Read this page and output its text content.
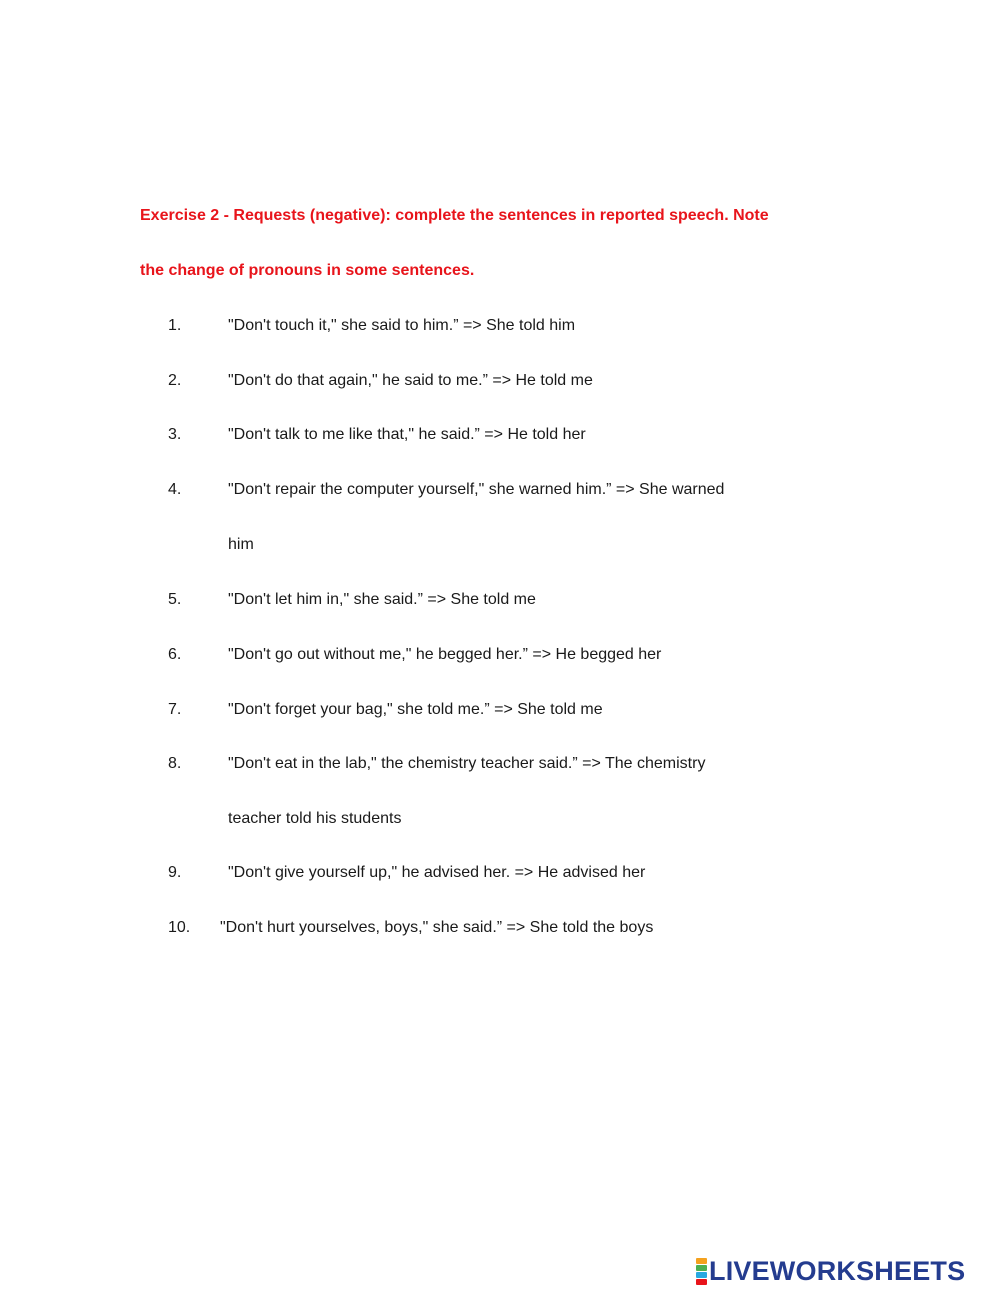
Exercise 2 - Requests (negative): complete the sentences in reported speech. Note
the change of pronouns in some sentences.
1.	"Don't touch it," she said to him.” => She told him
2.	"Don't do that again," he said to me.” => He told me
3.	"Don't talk to me like that," he said.” => He told her
4.	"Don't repair the computer yourself," she warned him.” => She warned
him
5.	"Don't let him in," she said.” => She told me
6.	"Don't go out without me," he begged her.” => He begged her
7.	"Don't forget your bag," she told me.” => She told me
8.	"Don't eat in the lab," the chemistry teacher said.” => The chemistry
teacher told his students
9.	"Don't give yourself up," he advised her. => He advised her
10. "Don't hurt yourselves, boys," she said.” => She told the boys
LIVEWORKSHEETS
